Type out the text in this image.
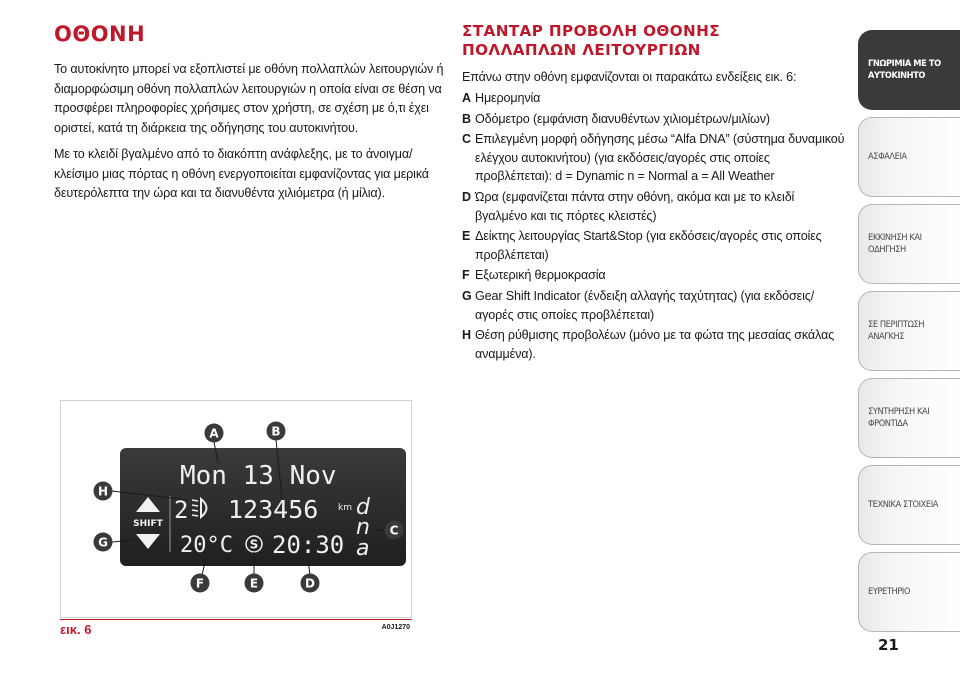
ΟΘΟΝΗ

Το αυτοκίνητο μπορεί να εξοπλιστεί με οθόνη πολλαπλών λειτουργιών ή διαμορφώσιμη οθόνη πολλαπλών λειτουργιών η οποία είναι σε θέση να προσφέρει πληροφορίες χρήσιμες στον χρήστη, σε σχέση με ό,τι έχει οριστεί, κατά τη διάρκεια της οδήγησης του αυτοκινήτου.

Με το κλειδί βγαλμένο από το διακόπτη ανάφλεξης, με το άνοιγμα/κλείσιμο μιας πόρτας η οθόνη ενεργοποιείται εμφανίζοντας για μερικά δευτερόλεπτα την ώρα και τα διανυθέντα χιλιόμετρα (ή μίλια).

ΣΤΑΝΤΑΡ ΠΡΟΒΟΛΗ ΟΘΟΝΗΣ
ΠΟΛΛΑΠΛΩΝ ΛΕΙΤΟΥΡΓΙΩΝ
Επάνω στην οθόνη εμφανίζονται οι παρακάτω ενδείξεις εικ. 6:
A Ημερομηνία
B Οδόμετρο (εμφάνιση διανυθέντων χιλιομέτρων/μιλίων)
C Επιλεγμένη μορφή οδήγησης μέσω “Alfa DNA” (σύστημα δυναμικού ελέγχου αυτοκινήτου) (για εκδόσεις/αγορές στις οποίες προβλέπεται): d = Dynamic n = Normal a = All Weather
D Ώρα (εμφανίζεται πάντα στην οθόνη, ακόμα και με το κλειδί βγαλμένο και τις πόρτες κλειστές)
E Δείκτης λειτουργίας Start&Stop (για εκδόσεις/αγορές στις οποίες προβλέπεται)
F Εξωτερική θερμοκρασία
G Gear Shift Indicator (ένδειξη αλλαγής ταχύτητας) (για εκδόσεις/αγορές στις οποίες προβλέπεται)
H Θέση ρύθμισης προβολέων (μόνο με τα φώτα της μεσαίας σκάλας αναμμένα).
SHIFT
Mon 13 Nov
2 123456 km d
n
a
20°C S 20:30
A	B
C
D
E
F
G
H
εικ. 6	A0J1270
ΓΝΩΡΙΜΙΑ ΜΕ ΤΟ ΑΥΤΟΚΙΝΗΤΟ
ΑΣΦΑΛΕΙΑ
ΕΚΚΙΝΗΣΗ ΚΑΙ ΟΔΗΓΗΣΗ
ΣΕ ΠΕΡΙΠΤΩΣΗ ΑΝΑΓΚΗΣ
ΣΥΝΤΗΡΗΣΗ ΚΑΙ ΦΡΟΝΤΙΔΑ
ΤΕΧΝΙΚΑ ΣΤΟΙΧΕΙΑ
ΕΥΡΕΤΗΡΙΟ
21
